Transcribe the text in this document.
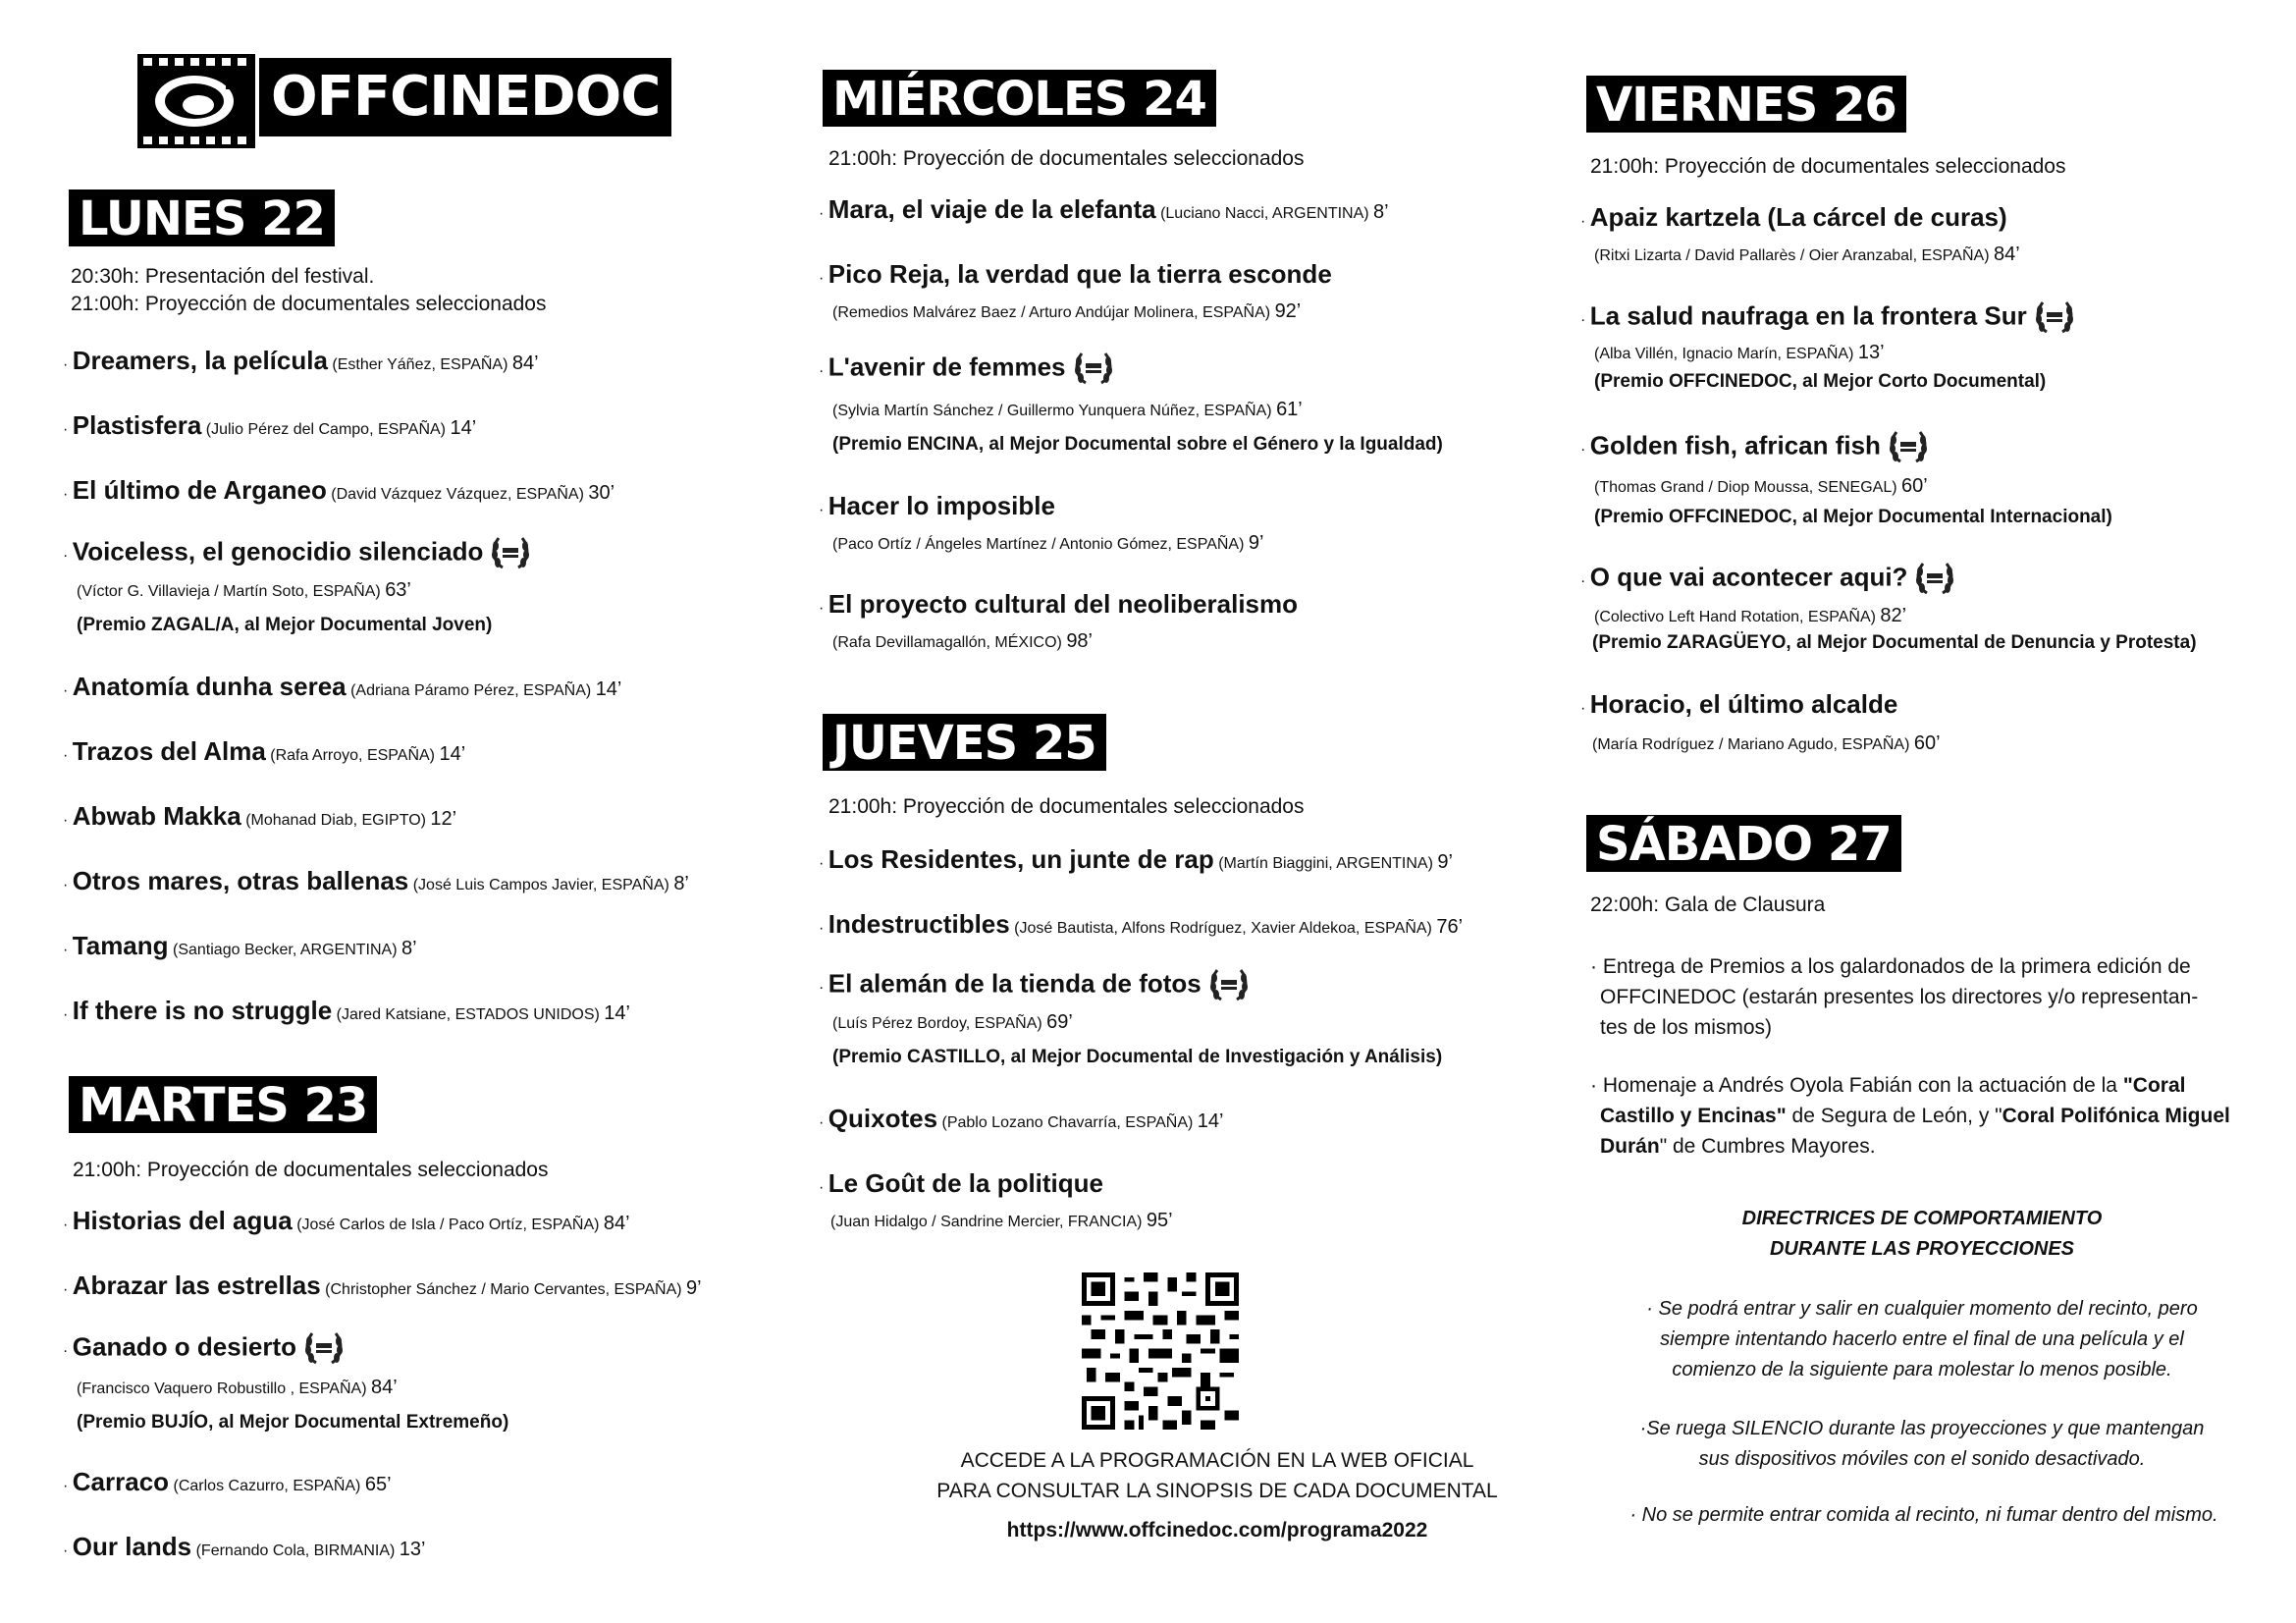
OFFCINEDOC
LUNES 22
20:30h: Presentación del festival.
21:00h: Proyección de documentales seleccionados
· Dreamers, la película (Esther Yáñez, ESPAÑA) 84’
· Plastisfera (Julio Pérez del Campo, ESPAÑA) 14’
· El último de Arganeo (David Vázquez Vázquez, ESPAÑA) 30’
· Voiceless, el genocidio silenciado
(Víctor G. Villavieja / Martín Soto, ESPAÑA) 63’
(Premio ZAGAL/A, al Mejor Documental Joven)
· Anatomía dunha serea (Adriana Páramo Pérez, ESPAÑA) 14’
· Trazos del Alma (Rafa Arroyo, ESPAÑA) 14’
· Abwab Makka (Mohanad Diab, EGIPTO) 12’
· Otros mares, otras ballenas (José Luis Campos Javier, ESPAÑA) 8’
· Tamang (Santiago Becker, ARGENTINA) 8’
· If there is no struggle (Jared Katsiane, ESTADOS UNIDOS) 14’
MARTES 23
21:00h: Proyección de documentales seleccionados
· Historias del agua (José Carlos de Isla / Paco Ortíz, ESPAÑA) 84’
· Abrazar las estrellas (Christopher Sánchez / Mario Cervantes, ESPAÑA) 9’
· Ganado o desierto
(Francisco Vaquero Robustillo , ESPAÑA) 84’
(Premio BUJÍO, al Mejor Documental Extremeño)
· Carraco (Carlos Cazurro, ESPAÑA) 65’
· Our lands (Fernando Cola, BIRMANIA) 13’
MIÉRCOLES 24
21:00h: Proyección de documentales seleccionados
· Mara, el viaje de la elefanta (Luciano Nacci, ARGENTINA) 8’
· Pico Reja, la verdad que la tierra esconde
(Remedios Malvárez Baez / Arturo Andújar Molinera, ESPAÑA) 92’
· L'avenir de femmes
(Sylvia Martín Sánchez / Guillermo Yunquera Núñez, ESPAÑA) 61’
(Premio ENCINA, al Mejor Documental sobre el Género y la Igualdad)
· Hacer lo imposible
(Paco Ortíz / Ángeles Martínez / Antonio Gómez, ESPAÑA) 9’
· El proyecto cultural del neoliberalismo
(Rafa Devillamagallón, MÉXICO) 98’
JUEVES 25
21:00h: Proyección de documentales seleccionados
· Los Residentes, un junte de rap (Martín Biaggini, ARGENTINA) 9’
· Indestructibles (José Bautista, Alfons Rodríguez, Xavier Aldekoa, ESPAÑA) 76’
· El alemán de la tienda de fotos
(Luís Pérez Bordoy, ESPAÑA) 69’
(Premio CASTILLO, al Mejor Documental de Investigación y Análisis)
· Quixotes (Pablo Lozano Chavarría, ESPAÑA) 14’
· Le Goût de la politique
(Juan Hidalgo / Sandrine Mercier, FRANCIA) 95’
ACCEDE A LA PROGRAMACIÓN EN LA WEB OFICIAL
PARA CONSULTAR LA SINOPSIS DE CADA DOCUMENTAL
https://www.offcinedoc.com/programa2022
VIERNES 26
21:00h: Proyección de documentales seleccionados
· Apaiz kartzela (La cárcel de curas)
(Ritxi Lizarta / David Pallarès / Oier Aranzabal, ESPAÑA) 84’
· La salud naufraga en la frontera Sur
(Alba Villén, Ignacio Marín, ESPAÑA) 13’
(Premio OFFCINEDOC, al Mejor Corto Documental)
· Golden fish, african fish
(Thomas Grand / Diop Moussa, SENEGAL) 60’
(Premio OFFCINEDOC, al Mejor Documental Internacional)
· O que vai acontecer aqui?
(Colectivo Left Hand Rotation, ESPAÑA) 82’
(Premio ZARAGÜEYO, al Mejor Documental de Denuncia y Protesta)
· Horacio, el último alcalde
(María Rodríguez / Mariano Agudo, ESPAÑA) 60’
SÁBADO 27
22:00h: Gala de Clausura
· Entrega de Premios a los galardonados de la primera edición de
OFFCINEDOC (estarán presentes los directores y/o representan-
tes de los mismos)
· Homenaje a Andrés Oyola Fabián con la actuación de la "Coral
Castillo y Encinas" de Segura de León, y "Coral Polifónica Miguel
Durán" de Cumbres Mayores.
DIRECTRICES DE COMPORTAMIENTO
DURANTE LAS PROYECCIONES
· Se podrá entrar y salir en cualquier momento del recinto, pero
siempre intentando hacerlo entre el final de una película y el
comienzo de la siguiente para molestar lo menos posible.
·Se ruega SILENCIO durante las proyecciones y que mantengan
sus dispositivos móviles con el sonido desactivado.
· No se permite entrar comida al recinto, ni fumar dentro del mismo.
